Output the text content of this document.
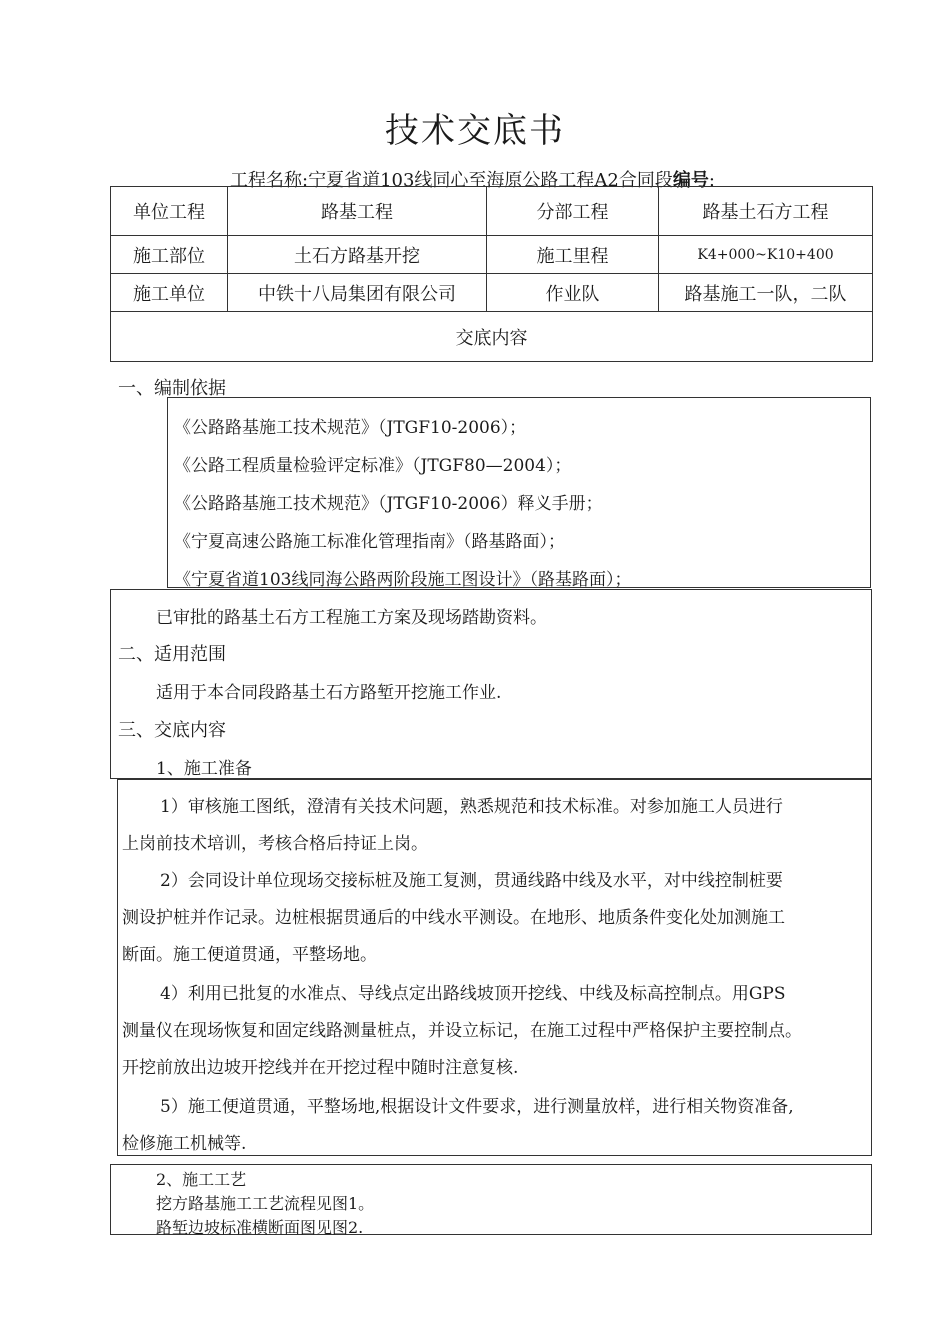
技术交底书
工程名称:宁夏省道103线同心至海原公路工程A2合同段编号:
单位工程	路基工程	分部工程	路基土石方工程
施工部位	土石方路基开挖	施工里程	K4+000~K10+400
施工单位	中铁十八局集团有限公司	作业队	路基施工一队，二队
交底内容			
一、编制依据
《公路路基施工技术规范》（JTGF10-2006）；
《公路工程质量检验评定标准》（JTGF80—2004）；
《公路路基施工技术规范》（JTGF10-2006）释义手册；
《宁夏高速公路施工标准化管理指南》（路基路面）；
《宁夏省道103线同海公路两阶段施工图设计》（路基路面）；
已审批的路基土石方工程施工方案及现场踏勘资料。
二、适用范围
适用于本合同段路基土石方路堑开挖施工作业.
三、交底内容
1、施工准备
1）审核施工图纸，澄清有关技术问题，熟悉规范和技术标准。对参加施工人员进行
上岗前技术培训，考核合格后持证上岗。
2）会同设计单位现场交接标桩及施工复测，贯通线路中线及水平，对中线控制桩要
测设护桩并作记录。边桩根据贯通后的中线水平测设。在地形、地质条件变化处加测施工
断面。施工便道贯通，平整场地。
4）利用已批复的水准点、导线点定出路线坡顶开挖线、中线及标高控制点。用GPS
测量仪在现场恢复和固定线路测量桩点，并设立标记，在施工过程中严格保护主要控制点。
开挖前放出边坡开挖线并在开挖过程中随时注意复核.
5）施工便道贯通，平整场地,根据设计文件要求，进行测量放样，进行相关物资准备,
检修施工机械等.
2、施工工艺
挖方路基施工工艺流程见图1。
路堑边坡标准横断面图见图2.
